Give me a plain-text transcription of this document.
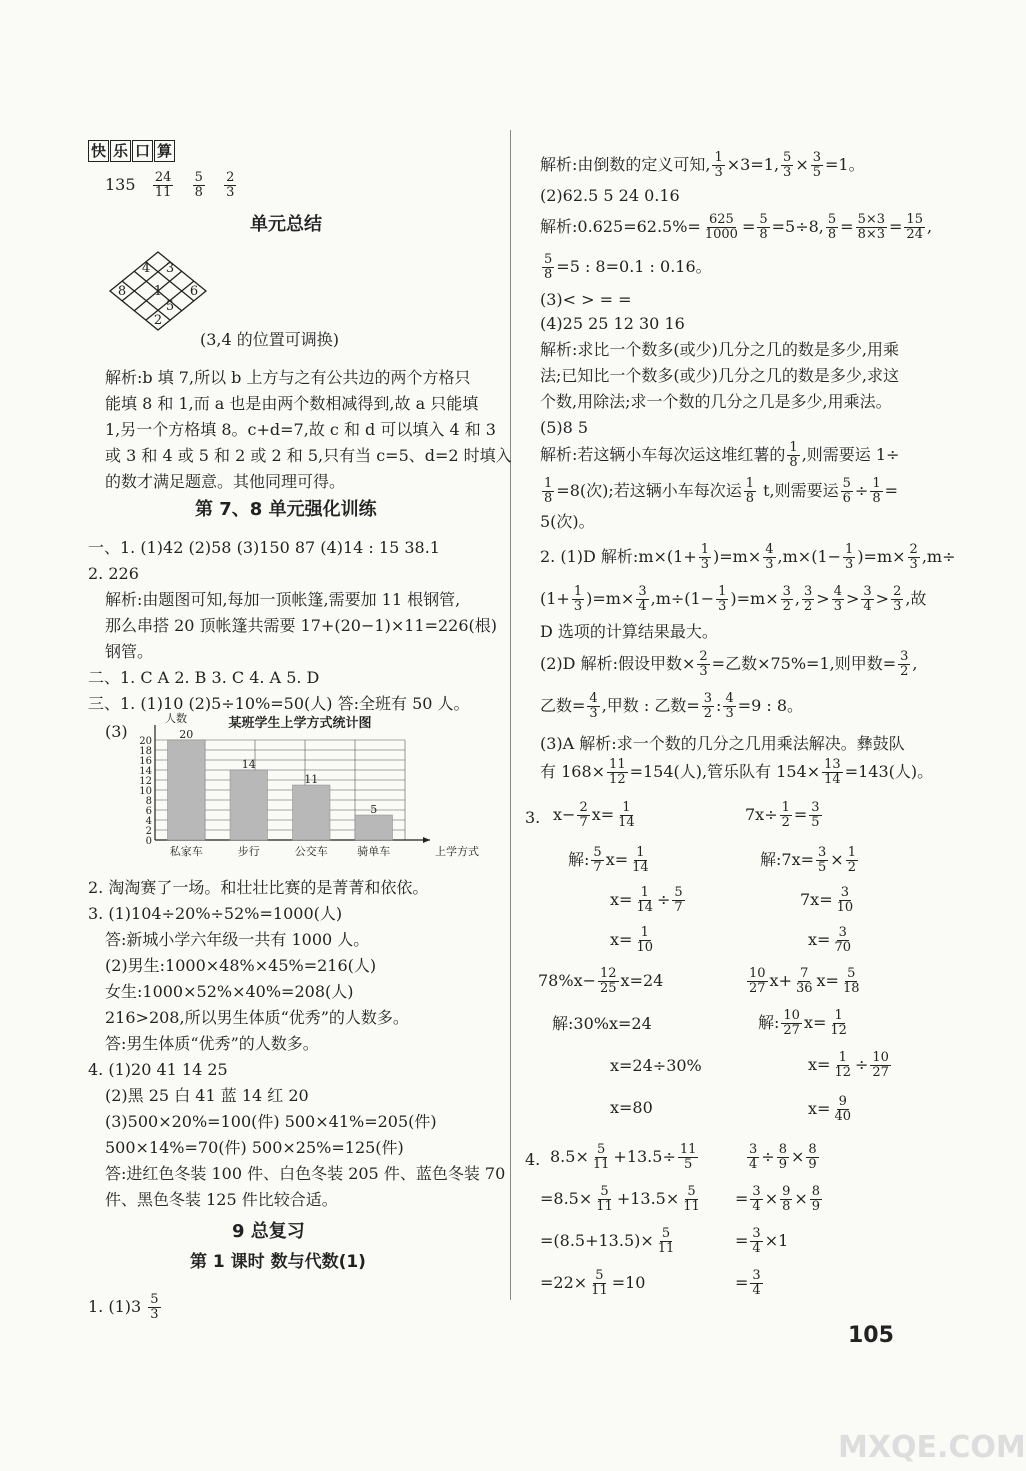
快 乐 口 算
$135 \frac{24}{11}$
$\frac{5}{8}$
$\frac{2}{3}$
单元总结
4 3
8 1 6
5
2
(3,4 的位置可调换)
解析:b 填 7,所以 b 上方与之有公共边的两个方格只
能填 8 和 1,而 a 也是由两个数相减得到,故 a 只能填
1,另一个方格填 8。c+d=7,故 c 和 d 可以填入 4 和 3
或 3 和 4 或 5 和 2 或 2 和 5,只有当 c=5、d=2 时填入
的数才满足题意。其他同理可得。
第 7、8 单元强化训练
一、1. (1)42 (2)58 (3)150 87 (4)14 : 15 38.1
2. 226
解析:由题图可知,每加一顶帐篷,需要加 11 根钢管,
那么串搭 20 顶帐篷共需要 17+(20−1)×11=226(根)
钢管。
二、1. C A 2. B 3. C 4. A 5. D
三、1. (1)10 (2)5÷10%=50(人) 答:全班有 50 人。
(3)	某班学生上学方式统计图
人数
0
2
4
6
8
10
12
14
16
18
20
20
私家车
14
步行
11
公交车
5
骑单车	上学方式
2. 淘淘赛了一场。和壮壮比赛的是菁菁和依依。
3. (1)104÷20%÷52%=1000(人)
答:新城小学六年级一共有 1000 人。
(2)男生:1000×48%×45%=216(人)
女生:1000×52%×40%=208(人)
216>208,所以男生体质“优秀”的人数多。
答:男生体质“优秀”的人数多。
4. (1)20 41 14 25
(2)黑 25 白 41 蓝 14 红 20
(3)500×20%=100(件) 500×41%=205(件)
500×14%=70(件) 500×25%=125(件)
答:进红色冬装 100 件、白色冬装 205 件、蓝色冬装 70
件、黑色冬装 125 件比较合适。
9 总复习
第 1 课时 数与代数(1)
1. $(1)3 \frac{5}{3}$
解析:由倒数的定义可知, $\frac{1}{3} \times 3=1$, $\frac{5}{3} \times \frac{3}{5} =1$。
(2)62.5 5 24 0.16
解析:0.625=62.5%= $\frac{625}{1000} = \frac{5}{8} =5\div 8$, $\frac{5}{8} = \frac{5\times 3}{8\times 3} = \frac{15}{24}$ ,
$\frac{5}{8} =5$ : 8=0.1 : 0.16。
(3)< > = =
(4)25 25 12 30 16
解析:求比一个数多(或少)几分之几的数是多少,用乘
法;已知比一个数多(或少)几分之几的数是多少,求这
个数,用除法;求一个数的几分之几是多少,用乘法。
(5)8 5
解析:若这辆小车每次运这堆红薯的 $\frac{1}{8}$ ,则需要运 1÷
$\frac{1}{8} =8$(次);若这辆小车每次运 $\frac{1}{8} t$,则需要运 $\frac{5}{6} \div \frac{1}{8}$ =
5(次)。
2. (1)D 解析:m×(1+ $\frac{1}{3} )=m\times \frac{4}{3} ,m\times(1- \frac{1}{3} )=m\times \frac{2}{3} ,m\div$
$(1+ \frac{1}{3} )=m\times \frac{3}{4} ,m\div(1- \frac{1}{3} )=m\times \frac{3}{2}$ , $\frac{3}{2} > \frac{4}{3} > \frac{3}{4} > \frac{2}{3}$ ,故
D 选项的计算结果最大。
(2)D 解析:假设甲数× $\frac{2}{3}$ =乙数×75%=1,则甲数= $\frac{3}{2}$ ,
乙数= $\frac{4}{3}$ ,甲数 : 乙数= $\frac{3}{2}$ : $\frac{4}{3} =9$ : 8。
(3)A 解析:求一个数的几分之几用乘法解决。彝鼓队
有 $168\times \frac{11}{12} =154$(人),管乐队有 $154\times \frac{13}{14} =143$(人)。
3. $x- \frac{2}{7} x= \frac{1}{14}$
解: $\frac{5}{7} x= \frac{1}{14}$
$x= \frac{1}{14} \div \frac{5}{7}$
$x= \frac{1}{10}$
$7x\div \frac{1}{2} = \frac{3}{5}$
解:7x= $\frac{3}{5} \times \frac{1}{2}$
$7x= \frac{3}{10}$
$x= \frac{3}{70}$
$78\%x- \frac{12}{25} x=24$
解:30%x=24
x=24÷30%
x=80
$\frac{10}{27} x+ \frac{7}{36} x= \frac{5}{18}$
解: $\frac{10}{27} x= \frac{1}{12}$
$x= \frac{1}{12} \div \frac{10}{27}$
$x= \frac{9}{40}$
4. $8.5\times \frac{5}{11} +13.5\div \frac{11}{5}$
$=8.5\times \frac{5}{11} +13.5\times \frac{5}{11}$
$=(8.5+13.5)\times \frac{5}{11}$
$=22\times \frac{5}{11} =10$
$\frac{3}{4} \div \frac{8}{9} \times \frac{8}{9}$
= $\frac{3}{4} \times \frac{9}{8} \times \frac{8}{9}$
= $\frac{3}{4} \times 1$
= $\frac{3}{4}$
105
MXQE.COM
